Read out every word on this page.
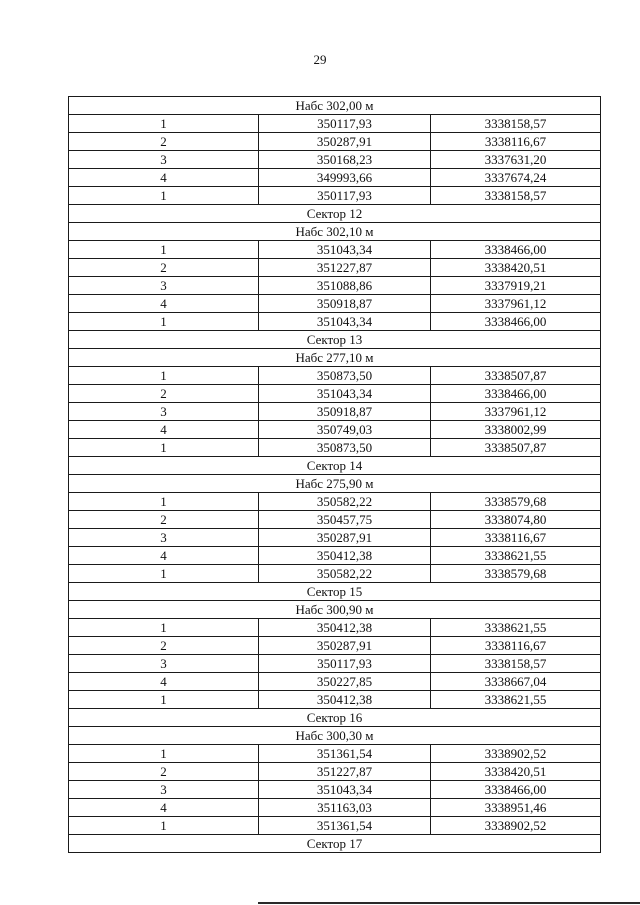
29
Набс 302,00 м		
1	350117,93	3338158,57
2	350287,91	3338116,67
3	350168,23	3337631,20
4	349993,66	3337674,24
1	350117,93	3338158,57
Сектор 12		
Набс 302,10 м		
1	351043,34	3338466,00
2	351227,87	3338420,51
3	351088,86	3337919,21
4	350918,87	3337961,12
1	351043,34	3338466,00
Сектор 13		
Набс 277,10 м		
1	350873,50	3338507,87
2	351043,34	3338466,00
3	350918,87	3337961,12
4	350749,03	3338002,99
1	350873,50	3338507,87
Сектор 14		
Набс 275,90 м		
1	350582,22	3338579,68
2	350457,75	3338074,80
3	350287,91	3338116,67
4	350412,38	3338621,55
1	350582,22	3338579,68
Сектор 15		
Набс 300,90 м		
1	350412,38	3338621,55
2	350287,91	3338116,67
3	350117,93	3338158,57
4	350227,85	3338667,04
1	350412,38	3338621,55
Сектор 16		
Набс 300,30 м		
1	351361,54	3338902,52
2	351227,87	3338420,51
3	351043,34	3338466,00
4	351163,03	3338951,46
1	351361,54	3338902,52
Сектор 17		
